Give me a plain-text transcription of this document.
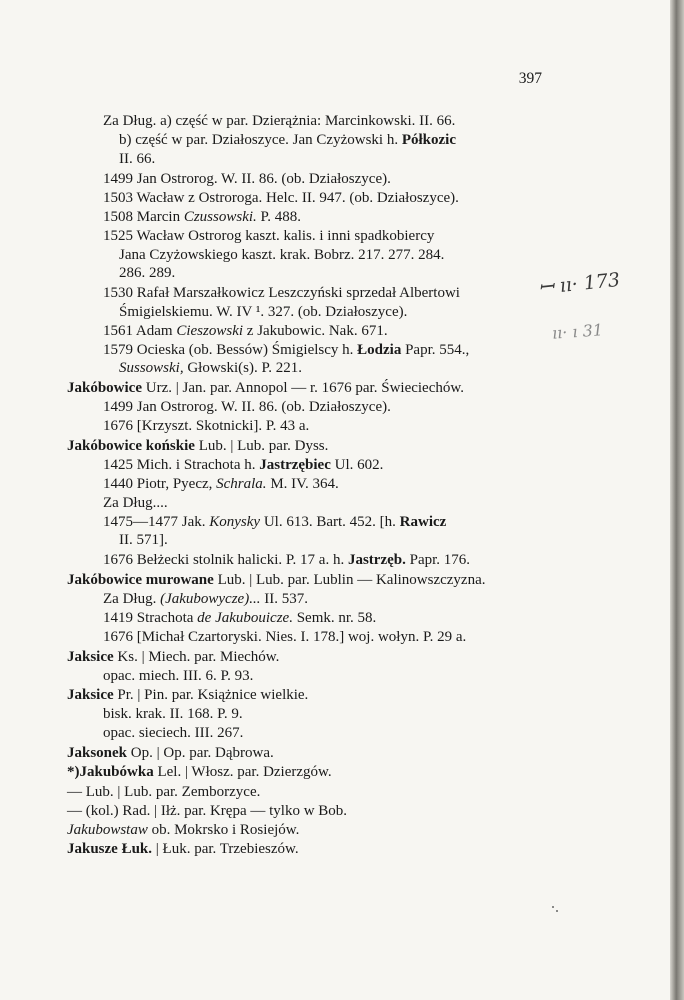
397
Za Dług. a) część w par. Dzierążnia: Marcinkowski. II. 66.
b) część w par. Działoszyce. Jan Czyżowski h. Półkozic
II. 66.
1499 Jan Ostrorog. W. II. 86. (ob. Działoszyce).
1503 Wacław z Ostroroga. Helc. II. 947. (ob. Działoszyce).
1508 Marcin Czussowski. P. 488.
1525 Wacław Ostrorog kaszt. kalis. i inni spadkobiercy
Jana Czyżowskiego kaszt. krak. Bobrz. 217. 277. 284.
286. 289.
1530 Rafał Marszałkowicz Leszczyński sprzedał Albertowi
Śmigielskiemu. W. IV ¹. 327. (ob. Działoszyce).
1561 Adam Cieszowski z Jakubowic. Nak. 671.
1579 Ocieska (ob. Bessów) Śmigielscy h. Łodzia Papr. 554.,
Sussowski, Głowski(s). P. 221.
Jakóbowice Urz. | Jan. par. Annopol — r. 1676 par. Świeciechów.
1499 Jan Ostrorog. W. II. 86. (ob. Działoszyce).
1676 [Krzyszt. Skotnicki]. P. 43 a.
Jakóbowice końskie Lub. | Lub. par. Dyss.
1425 Mich. i Strachota h. Jastrzębiec Ul. 602.
1440 Piotr, Pyecz, Schrala. M. IV. 364.
Za Dług....
1475—1477 Jak. Konysky Ul. 613. Bart. 452. [h. Rawicz
II. 571].
1676 Bełżecki stolnik halicki. P. 17 a. h. Jastrzęb. Papr. 176.
Jakóbowice murowane Lub. | Lub. par. Lublin — Kalinowszczyzna.
Za Dług. (Jakubowycze)... II. 537.
1419 Strachota de Jakubouicze. Semk. nr. 58.
1676 [Michał Czartoryski. Nies. I. 178.] woj. wołyn. P. 29 a.
Jaksice Ks. | Miech. par. Miechów.
opac. miech. III. 6. P. 93.
Jaksice Pr. | Pin. par. Książnice wielkie.
bisk. krak. II. 168. P. 9.
opac. sieciech. III. 267.
Jaksonek Op. | Op. par. Dąbrowa.
*)Jakubówka Lel. | Włosz. par. Dzierzgów.
— Lub. | Lub. par. Zemborzyce.
— (kol.) Rad. | Iłż. par. Krępa — tylko w Bob.
Jakubowstaw ob. Mokrsko i Rosiejów.
Jakusze Łuk. | Łuk. par. Trzebieszów.
ꟷ ıı· 173
ıı· ı 31
